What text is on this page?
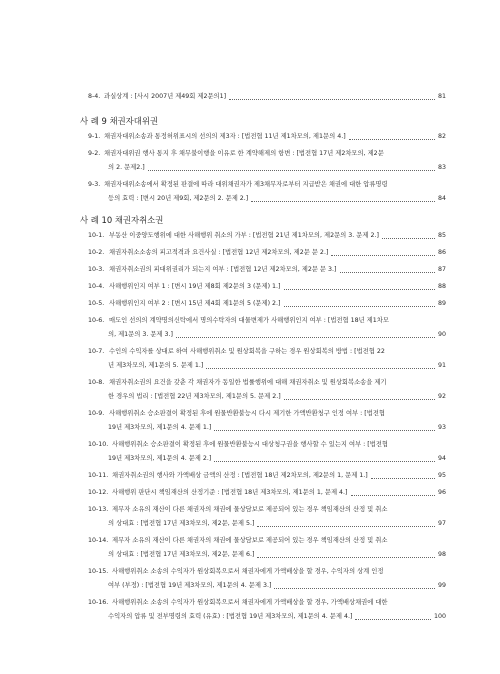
8-4. 과실상계 : [사시 2007년 제49회 제2문의1]	81
사 례 9 채권자대위권
9-1. 채권자대위소송과 통정허위표시의 선의의 제3자 : [법전협 11년 제1차모의, 제1문의 4.]	82
9-2. 채권자대위권 행사 통지 후 채무불이행을 이유로 한 계약해제의 항변 : [법전협 17년 제2차모의, 제2문
의 2. 문제2.]	83
9-3. 채권자대위소송에서 확정된 판결에 따라 대위채권자가 제3채무자로부터 지급받은 채권에 대한 압류명령
등의 효력 : [변시 20년 제9회, 제2문의 2. 문제 2.]	84
사 례 10 채권자취소권
10-1. 부동산 이중양도행위에 대한 사해행위 취소의 가부 : [법전협 21년 제1차모의, 제2문의 3. 문제 2.]	85
10-2. 채권자취소소송의 피고적격과 요건사실 : [법전협 12년 제2차모의, 제2문 문 2.]	86
10-3. 채권자취소권의 피대위권리가 되는지 여부 : [법전협 12년 제2차모의, 제2문 문 3.]	87
10-4. 사해행위인지 여부 1 : [변시 19년 제8회 제2문의 3 (문제) 1.]	88
10-5. 사해행위인지 여부 2 : [변시 15년 제4회 제1문의 5 (문제) 2.]	89
10-6. 매도인 선의의 계약명의신탁에서 명의수탁자의 대물변제가 사해행위인지 여부 : [법전협 18년 제1차모
의, 제1문의 3. 문제 3.]	90
10-7. 수인의 수익자를 상대로 하여 사해행위취소 및 원상회복을 구하는 경우 원상회복의 방법 : [법전협 22
년 제3차모의, 제1문의 5. 문제 1.]	91
10-8. 채권자취소권의 요건을 갖춘 각 채권자가 동일한 법률행위에 대해 채권자취소 및 원상회복소송을 제기
한 경우의 법리 : [법전협 22년 제3차모의, 제1문의 5. 문제 2.]	92
10-9. 사해행위취소 승소판결이 확정된 후에 원물반환불능시 다시 제기한 가액반환청구 인정 여부 : [법전협
19년 제3차모의, 제1문의 4. 문제 1.]	93
10-10. 사해행위취소 승소판결이 확정된 후에 원물반환불능시 대상청구권을 행사할 수 있는지 여부 : [법전협
19년 제3차모의, 제1문의 4. 문제 2.]	94
10-11. 채권자취소권의 행사와 가액배상 금액의 산정 : [법전협 18년 제2차모의, 제2문의 1, 문제 1.]	95
10-12. 사해행위 판단시 책임재산의 산정기준 : [법전협 18년 제3차모의, 제1문의 1, 문제 4.]	96
10-13. 제무자 소유의 재산이 다른 채권자의 채권에 물상담보로 제공되어 있는 경우 책임재산의 산정 및 취소
의 상대효 : [법전협 17년 제3차모의, 제2문, 문제 5.]	97
10-14. 제무자 소유의 재산이 다른 채권자의 채권에 물상담보로 제공되어 있는 경우 책임재산의 산정 및 취소
의 상대효 : [법전협 17년 제3차모의, 제2문, 문제 6.]	98
10-15. 사해행위취소 소송의 수익자가 원상회복으로서 채권자에게 가액배상을 할 경우, 수익자의 상계 인정
여부 (부정) : [법전협 19년 제3차모의, 제1문의 4. 문제 3.]	99
10-16. 사해행위취소 소송의 수익자가 원상회복으로서 채권자에게 가액배상을 할 경우, 가액배상채권에 대한
수익자의 압류 및 전부명령의 효력 (유효) : [법전협 19년 제3차모의, 제1문의 4. 문제 4.]	100
